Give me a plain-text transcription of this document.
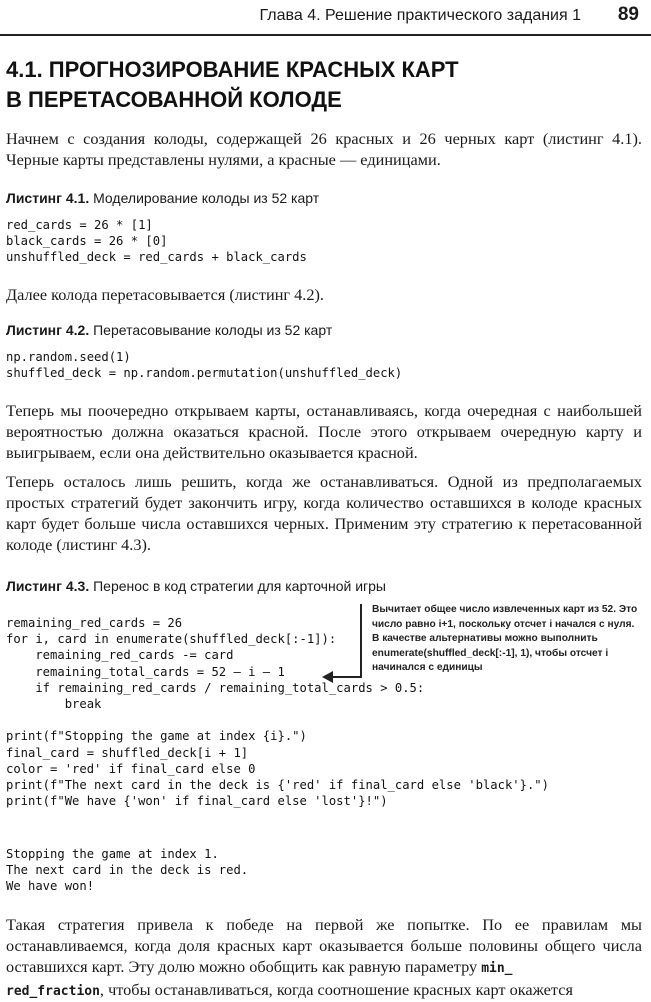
Глава 4. Решение практического задания 1 89
4.1. ПРОГНОЗИРОВАНИЕ КРАСНЫХ КАРТ
В ПЕРЕТАСОВАННОЙ КОЛОДЕ

Начнем с создания колоды, содержащей 26 красных и 26 черных карт (листинг 4.1). Черные карты представлены нулями, а красные — единицами.

Листинг 4.1. Моделирование колоды из 52 карт

red_cards = 26 * [1]
black_cards = 26 * [0]
unshuffled_deck = red_cards + black_cards

Далее колода перетасовывается (листинг 4.2).

Листинг 4.2. Перетасовывание колоды из 52 карт

np.random.seed(1)
shuffled_deck = np.random.permutation(unshuffled_deck)

Теперь мы поочередно открываем карты, останавливаясь, когда очередная с наибольшей вероятностью должна оказаться красной. После этого открываем очередную карту и выигрываем, если она действительно оказывается красной.

Теперь осталось лишь решить, когда же останавливаться. Одной из предполагаемых простых стратегий будет закончить игру, когда количество оставшихся в колоде красных карт будет больше числа оставшихся черных. Применим эту стратегию к перетасованной колоде (листинг 4.3).

Листинг 4.3. Перенос в код стратегии для карточной игры

remaining_red_cards = 26
for i, card in enumerate(shuffled_deck[:-1]):
remaining_red_cards -= card
remaining_total_cards = 52 – i – 1
if remaining_red_cards / remaining_total_cards > 0.5:
break

print(f"Stopping the game at index {i}.")
final_card = shuffled_deck[i + 1]
color = 'red' if final_card else 0
print(f"The next card in the deck is {'red' if final_card else 'black'}.")
print(f"We have {'won' if final_card else 'lost'}!")
Вычитает общее число извлеченных карт из 52. Это число равно i+1, поскольку отсчет i начался с нуля. В качестве альтернативы можно выполнить enumerate(shuffled_deck[:-1], 1), чтобы отсчет i начинался с единицы
Stopping the game at index 1.
The next card in the deck is red.
We have won!

Такая стратегия привела к победе на первой же попытке. По ее правилам мы останавливаемся, когда доля красных карт оказывается больше половины общего числа оставшихся карт. Эту долю можно обобщить как равную параметру min_
red_fraction, чтобы останавливаться, когда соотношение красных карт окажется
